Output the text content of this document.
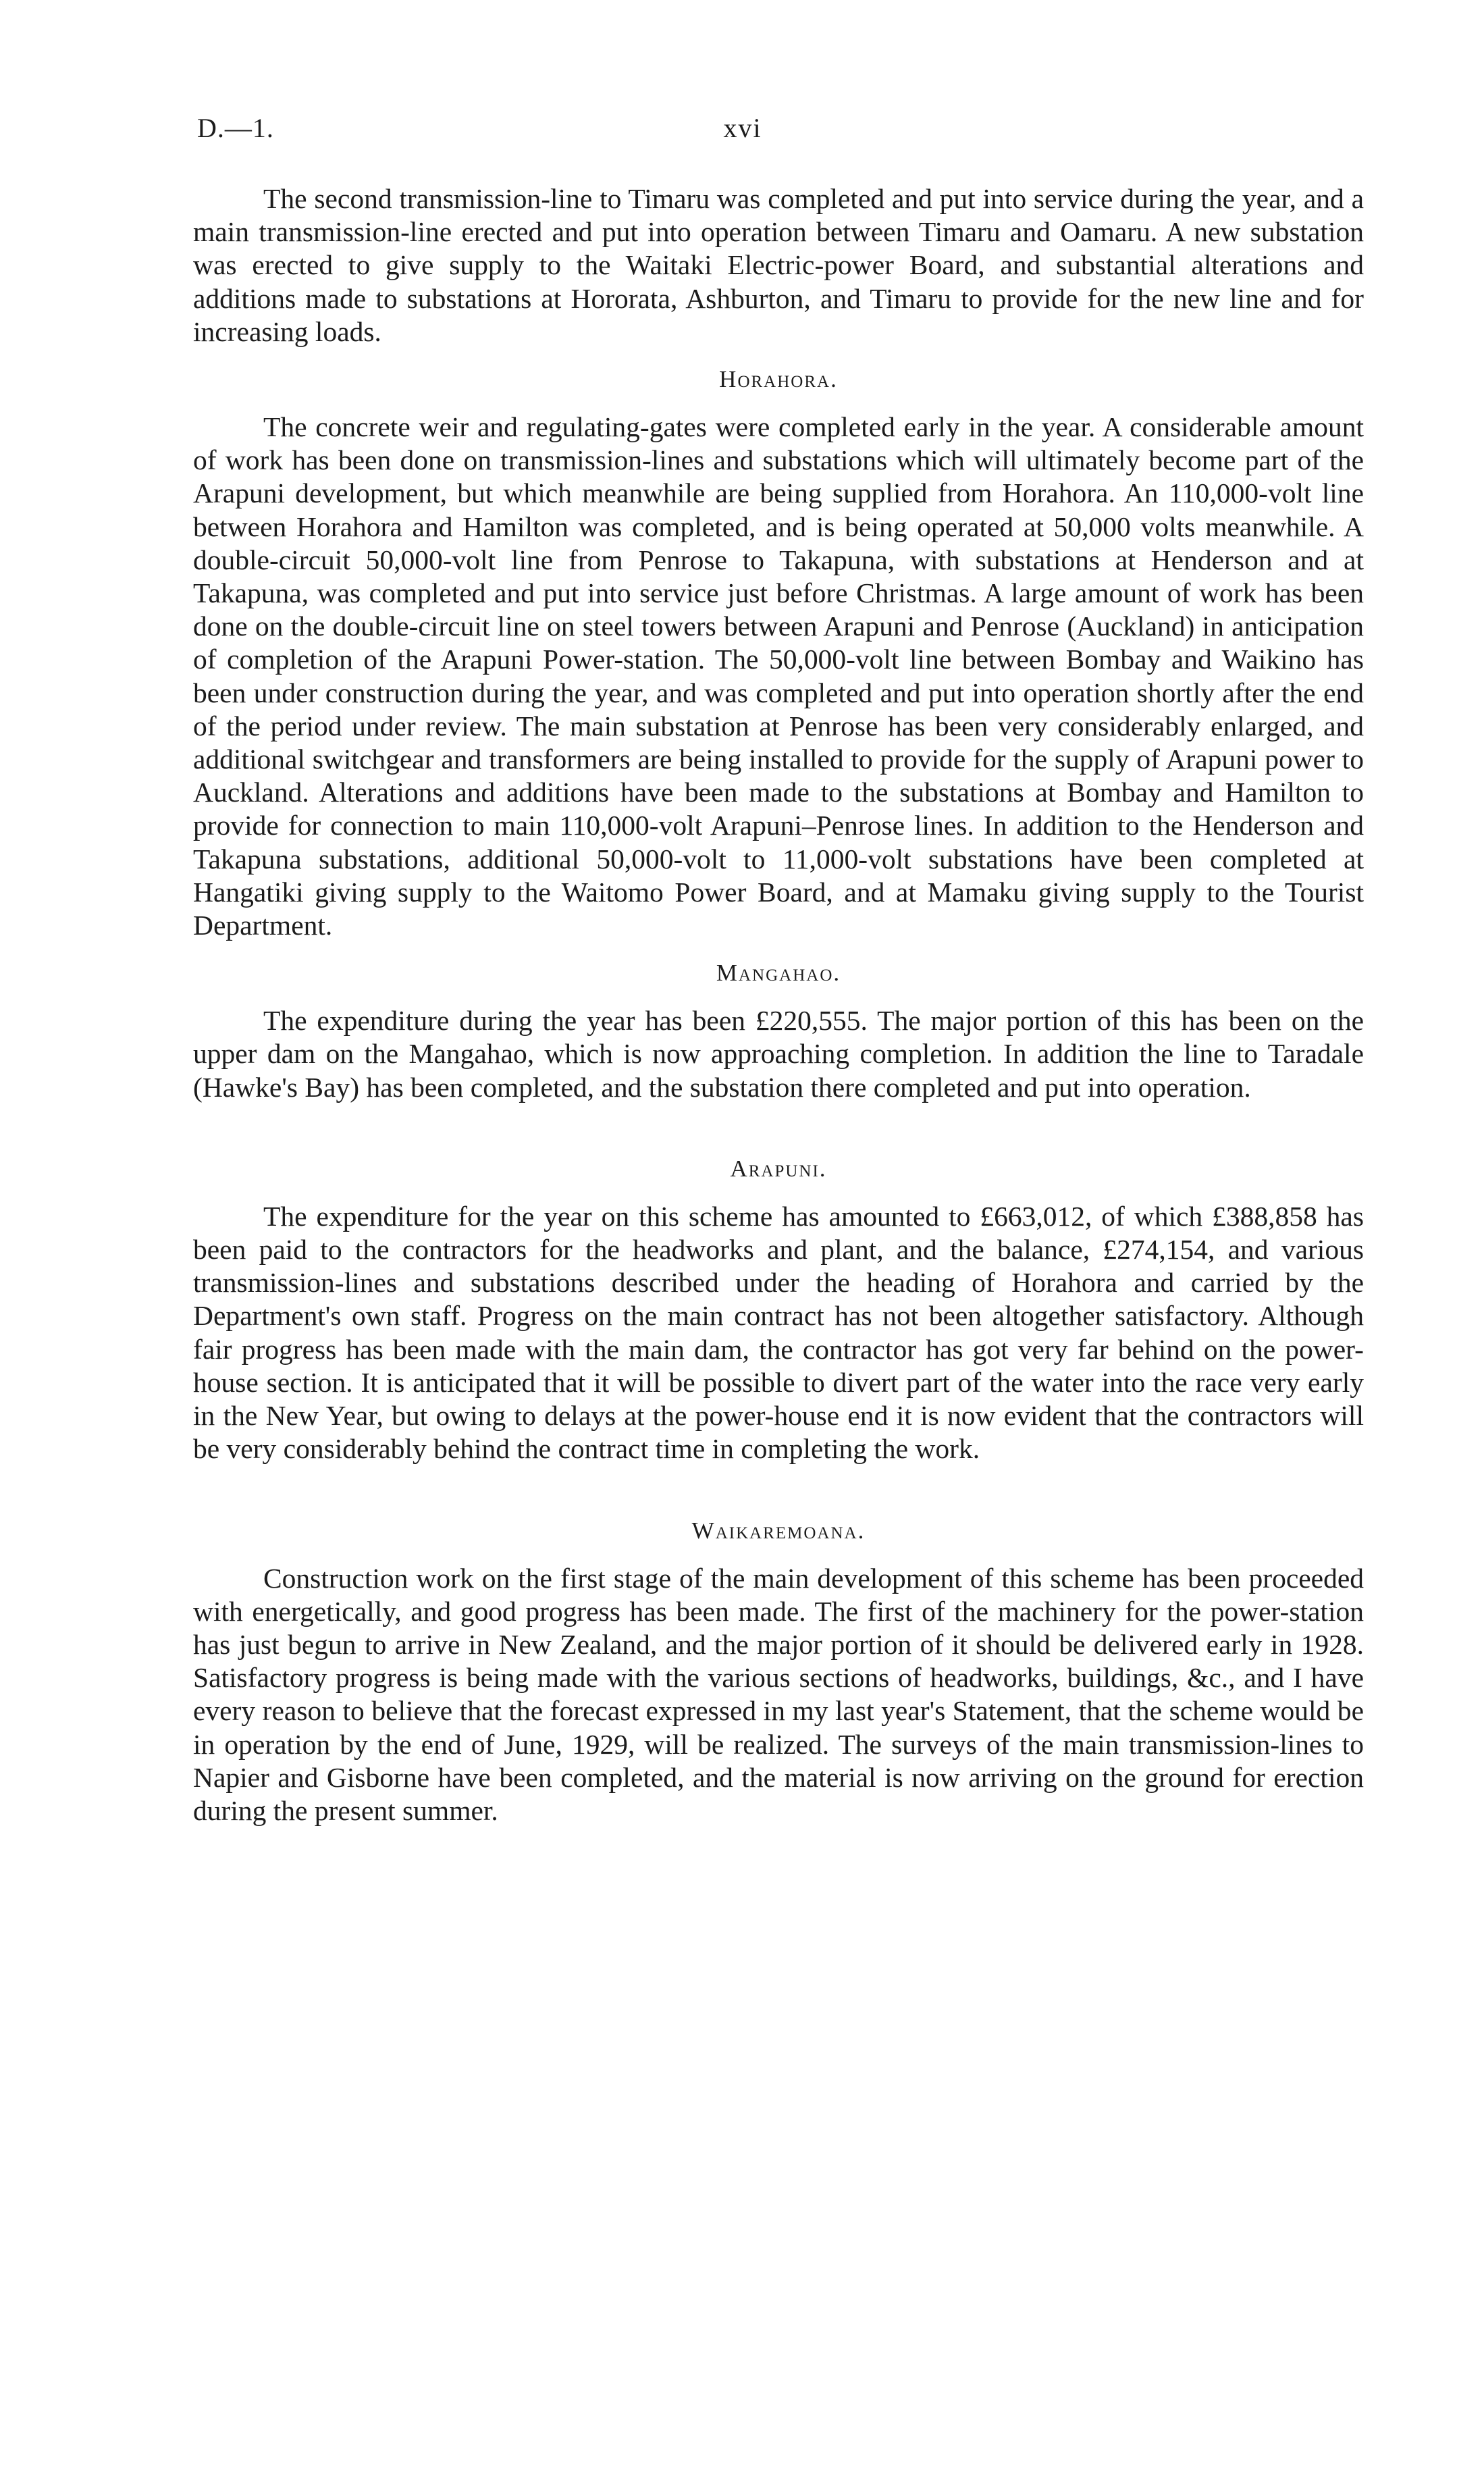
D.—1.	xvi

The second transmission-line to Timaru was completed and put into service during the year, and a main transmission-line erected and put into operation between Timaru and Oamaru. A new substation was erected to give supply to the Waitaki Electric-power Board, and substantial alterations and additions made to substations at Hororata, Ashburton, and Timaru to provide for the new line and for increasing loads.

Horahora.

The concrete weir and regulating-gates were completed early in the year. A considerable amount of work has been done on transmission-lines and substations which will ultimately become part of the Arapuni development, but which meanwhile are being supplied from Horahora. An 110,000-volt line between Horahora and Hamilton was completed, and is being operated at 50,000 volts meanwhile. A double-circuit 50,000-volt line from Penrose to Takapuna, with substations at Henderson and at Takapuna, was completed and put into service just before Christmas. A large amount of work has been done on the double-circuit line on steel towers between Arapuni and Penrose (Auckland) in anticipation of completion of the Arapuni Power-station. The 50,000-volt line between Bombay and Waikino has been under construction during the year, and was completed and put into operation shortly after the end of the period under review. The main substation at Penrose has been very considerably enlarged, and additional switchgear and transformers are being installed to provide for the supply of Arapuni power to Auckland. Alterations and additions have been made to the substations at Bombay and Hamilton to provide for connection to main 110,000-volt Arapuni–Penrose lines. In addition to the Henderson and Takapuna substations, additional 50,000-volt to 11,000-volt substations have been completed at Hangatiki giving supply to the Waitomo Power Board, and at Mamaku giving supply to the Tourist Department.

Mangahao.

The expenditure during the year has been £220,555. The major portion of this has been on the upper dam on the Mangahao, which is now approaching completion. In addition the line to Taradale (Hawke's Bay) has been completed, and the substation there completed and put into operation.

Arapuni.

The expenditure for the year on this scheme has amounted to £663,012, of which £388,858 has been paid to the contractors for the headworks and plant, and the balance, £274,154, and various transmission-lines and substations described under the heading of Horahora and carried by the Department's own staff. Progress on the main contract has not been altogether satisfactory. Although fair progress has been made with the main dam, the contractor has got very far behind on the power-house section. It is anticipated that it will be possible to divert part of the water into the race very early in the New Year, but owing to delays at the power-house end it is now evident that the contractors will be very considerably behind the contract time in completing the work.

Waikaremoana.

Construction work on the first stage of the main development of this scheme has been proceeded with energetically, and good progress has been made. The first of the machinery for the power-station has just begun to arrive in New Zealand, and the major portion of it should be delivered early in 1928. Satisfactory progress is being made with the various sections of headworks, buildings, &c., and I have every reason to believe that the forecast expressed in my last year's Statement, that the scheme would be in operation by the end of June, 1929, will be realized. The surveys of the main transmission-lines to Napier and Gisborne have been completed, and the material is now arriving on the ground for erection during the present summer.
